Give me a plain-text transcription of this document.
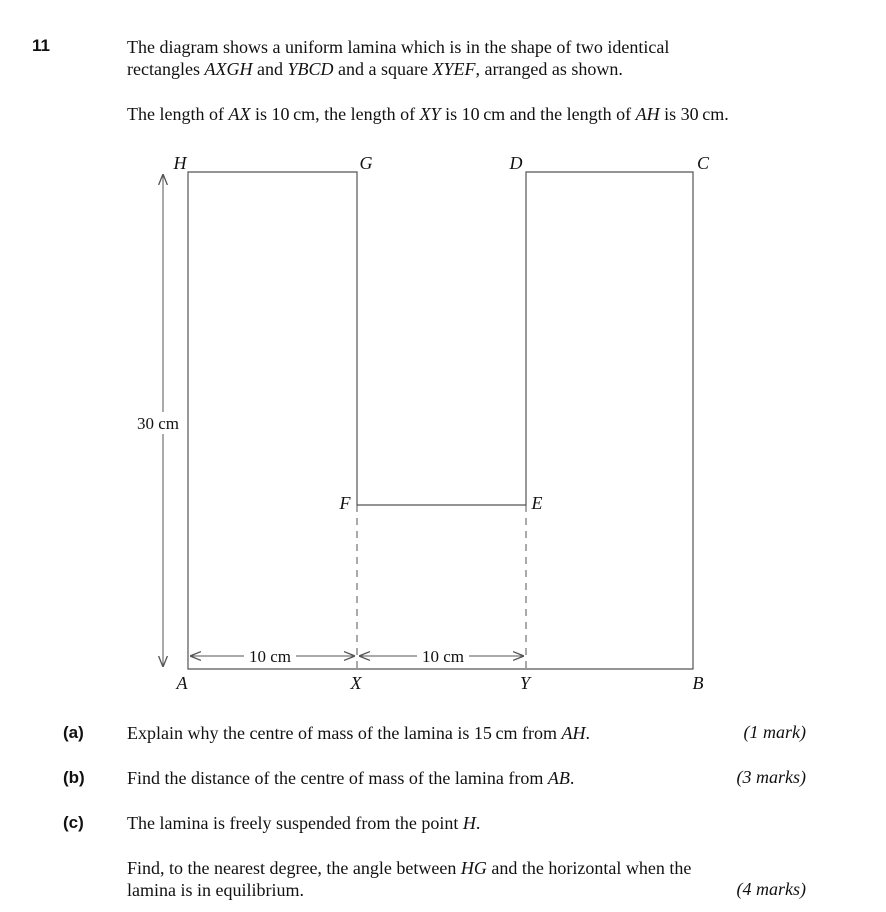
11	The diagram shows a uniform lamina which is in the shape of two identical
rectangles AXGH and YBCD and a square XYEF, arranged as shown.
The length of AX is 10 cm, the length of XY is 10 cm and the length of AH is 30 cm.
30 cm
10 cm	10 cm
H	G	D	C
F	E
A	X	Y	B
(a) Explain why the centre of mass of the lamina is 15 cm from AH.	(1 mark)
(b) Find the distance of the centre of mass of the lamina from AB.	(3 marks)
(c) The lamina is freely suspended from the point H.
Find, to the nearest degree, the angle between HG and the horizontal when the
lamina is in equilibrium.	(4 marks)
